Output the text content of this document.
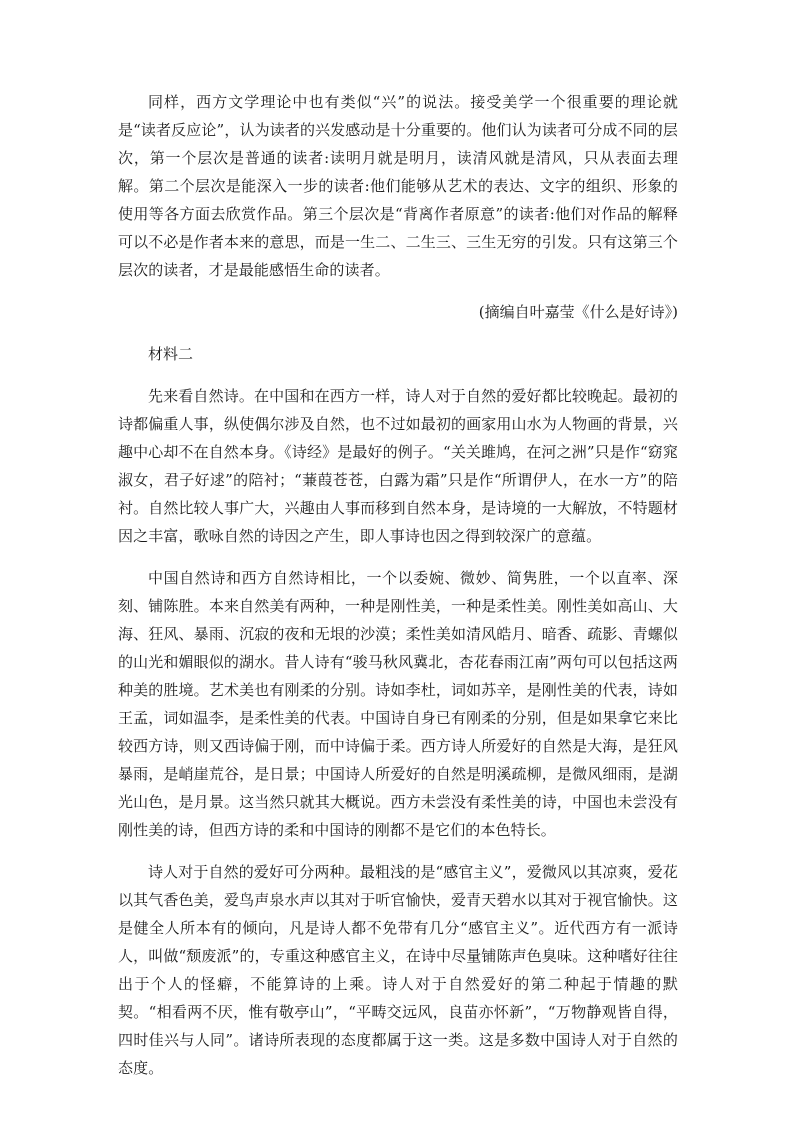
同样，西方文学理论中也有类似“兴”的说法。接受美学一个很重要的理论就是“读者反应论”，认为读者的兴发感动是十分重要的。他们认为读者可分成不同的层次，第一个层次是普通的读者:读明月就是明月，读清风就是清风，只从表面去理解。第二个层次是能深入一步的读者:他们能够从艺术的表达、文字的组织、形象的使用等各方面去欣赏作品。第三个层次是“背离作者原意”的读者:他们对作品的解释可以不必是作者本来的意思，而是一生二、二生三、三生无穷的引发。只有这第三个层次的读者，才是最能感悟生命的读者。

(摘编自叶嘉莹《什么是好诗》)

材料二

先来看自然诗。在中国和在西方一样，诗人对于自然的爱好都比较晚起。最初的诗都偏重人事，纵使偶尔涉及自然，也不过如最初的画家用山水为人物画的背景，兴趣中心却不在自然本身。《诗经》是最好的例子。“关关雎鸠，在河之洲”只是作“窈窕淑女，君子好逑”的陪衬；“蒹葭苍苍，白露为霜”只是作“所谓伊人，在水一方”的陪衬。自然比较人事广大，兴趣由人事而移到自然本身，是诗境的一大解放，不特题材因之丰富，歌咏自然的诗因之产生，即人事诗也因之得到较深广的意蕴。

中国自然诗和西方自然诗相比，一个以委婉、微妙、简隽胜，一个以直率、深刻、铺陈胜。本来自然美有两种，一种是刚性美，一种是柔性美。刚性美如高山、大海、狂风、暴雨、沉寂的夜和无垠的沙漠；柔性美如清风皓月、暗香、疏影、青螺似的山光和媚眼似的湖水。昔人诗有“骏马秋风冀北，杏花春雨江南”两句可以包括这两种美的胜境。艺术美也有刚柔的分别。诗如李杜，词如苏辛，是刚性美的代表，诗如王孟，词如温李，是柔性美的代表。中国诗自身已有刚柔的分别，但是如果拿它来比较西方诗，则又西诗偏于刚，而中诗偏于柔。西方诗人所爱好的自然是大海，是狂风暴雨，是峭崖荒谷，是日景；中国诗人所爱好的自然是明溪疏柳，是微风细雨，是湖光山色，是月景。这当然只就其大概说。西方未尝没有柔性美的诗，中国也未尝没有刚性美的诗，但西方诗的柔和中国诗的刚都不是它们的本色特长。

诗人对于自然的爱好可分两种。最粗浅的是“感官主义”，爱微风以其凉爽，爱花以其气香色美，爱鸟声泉水声以其对于听官愉快，爱青天碧水以其对于视官愉快。这是健全人所本有的倾向，凡是诗人都不免带有几分“感官主义”。近代西方有一派诗人，叫做“颓废派”的，专重这种感官主义，在诗中尽量铺陈声色臭味。这种嗜好往往出于个人的怪癖，不能算诗的上乘。诗人对于自然爱好的第二种起于情趣的默契。“相看两不厌，惟有敬亭山”，“平畴交远风，良苗亦怀新”，“万物静观皆自得，四时佳兴与人同”。诸诗所表现的态度都属于这一类。这是多数中国诗人对于自然的态度。
